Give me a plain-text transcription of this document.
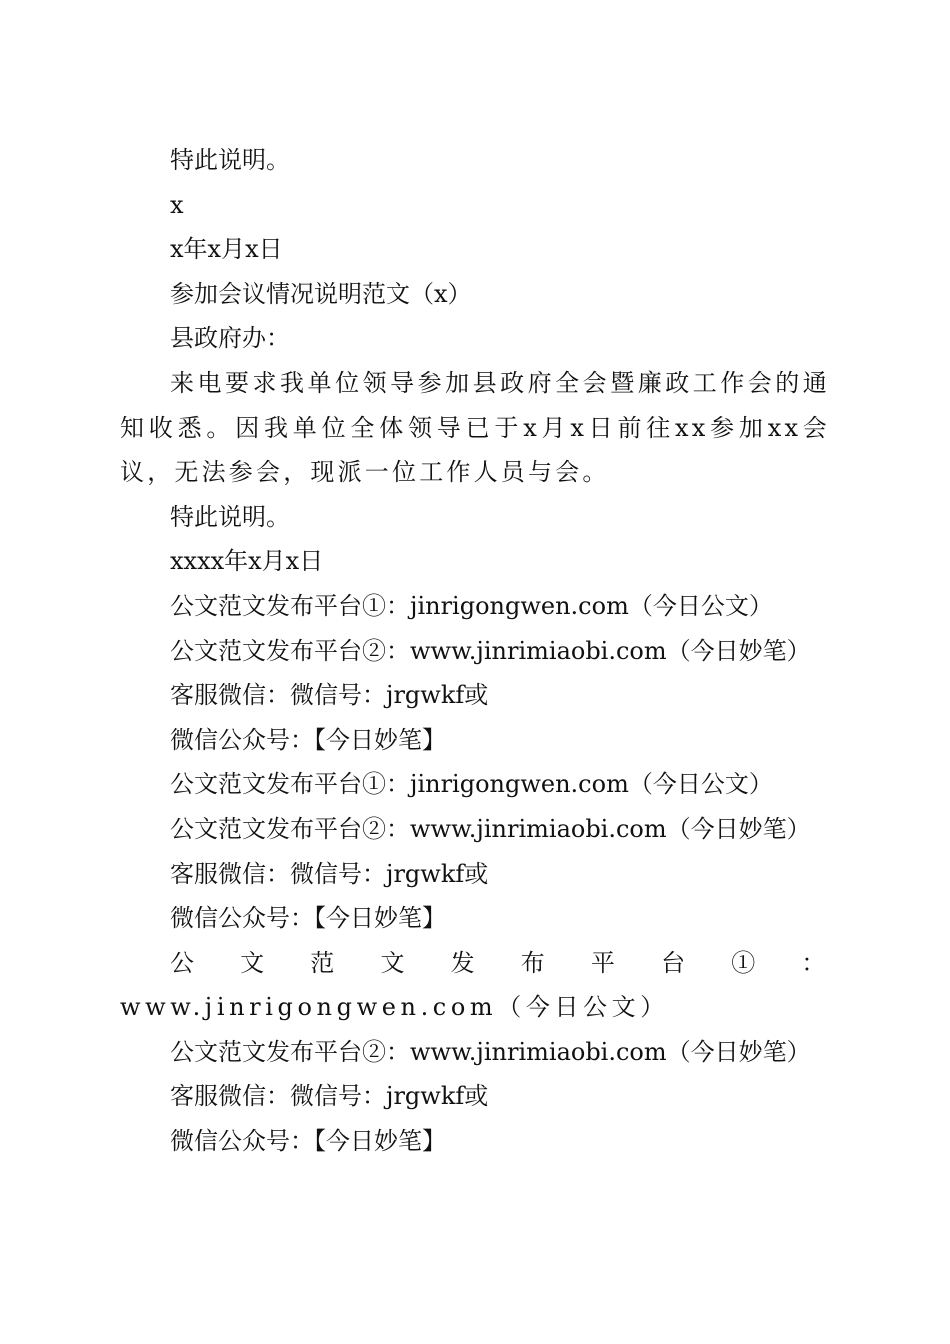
特此说明。

x

x年x月x日

参加会议情况说明范文（x）

县政府办：

来电要求我单位领导参加县政府全会暨廉政工作会的通知收悉。因我单位全体领导已于x月x日前往xx参加xx会议，无法参会，现派一位工作人员与会。

特此说明。

xxxx年x月x日

公文范文发布平台①：jinrigongwen.com（今日公文）

公文范文发布平台②：www.jinrimiaobi.com（今日妙笔）

客服微信：微信号：jrgwkf或

微信公众号：【今日妙笔】

公文范文发布平台①：jinrigongwen.com（今日公文）

公文范文发布平台②：www.jinrimiaobi.com（今日妙笔）

客服微信：微信号：jrgwkf或

微信公众号：【今日妙笔】

公文范文发布平台①：www.jinrigongwen.com（今日公文）

公文范文发布平台②：www.jinrimiaobi.com（今日妙笔）

客服微信：微信号：jrgwkf或

微信公众号：【今日妙笔】
